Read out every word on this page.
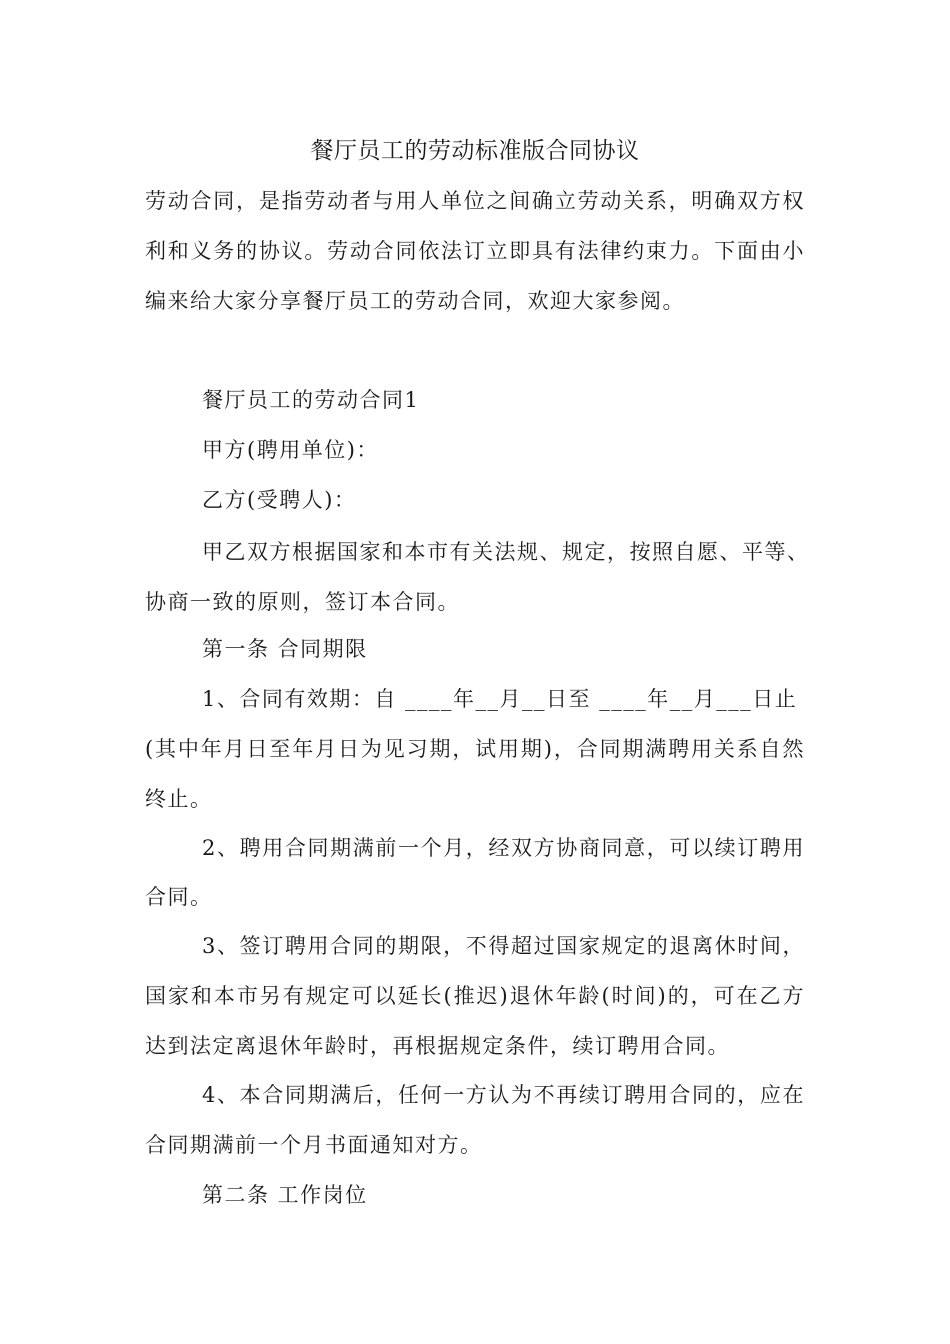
餐厅员工的劳动标准版合同协议
劳动合同，是指劳动者与用人单位之间确立劳动关系，明确双方权
利和义务的协议。劳动合同依法订立即具有法律约束力。下面由小
编来给大家分享餐厅员工的劳动合同，欢迎大家参阅。
餐厅员工的劳动合同1
甲方(聘用单位)：
乙方(受聘人)：
甲乙双方根据国家和本市有关法规、规定，按照自愿、平等、
协商一致的原则，签订本合同。
第一条 合同期限
1、合同有效期：自 ____年__月__日至 ____年__月___日止
(其中年月日至年月日为见习期，试用期)，合同期满聘用关系自然
终止。
2、聘用合同期满前一个月，经双方协商同意，可以续订聘用
合同。
3、签订聘用合同的期限，不得超过国家规定的退离休时间，
国家和本市另有规定可以延长(推迟)退休年龄(时间)的，可在乙方
达到法定离退休年龄时，再根据规定条件，续订聘用合同。
4、本合同期满后，任何一方认为不再续订聘用合同的，应在
合同期满前一个月书面通知对方。
第二条 工作岗位
